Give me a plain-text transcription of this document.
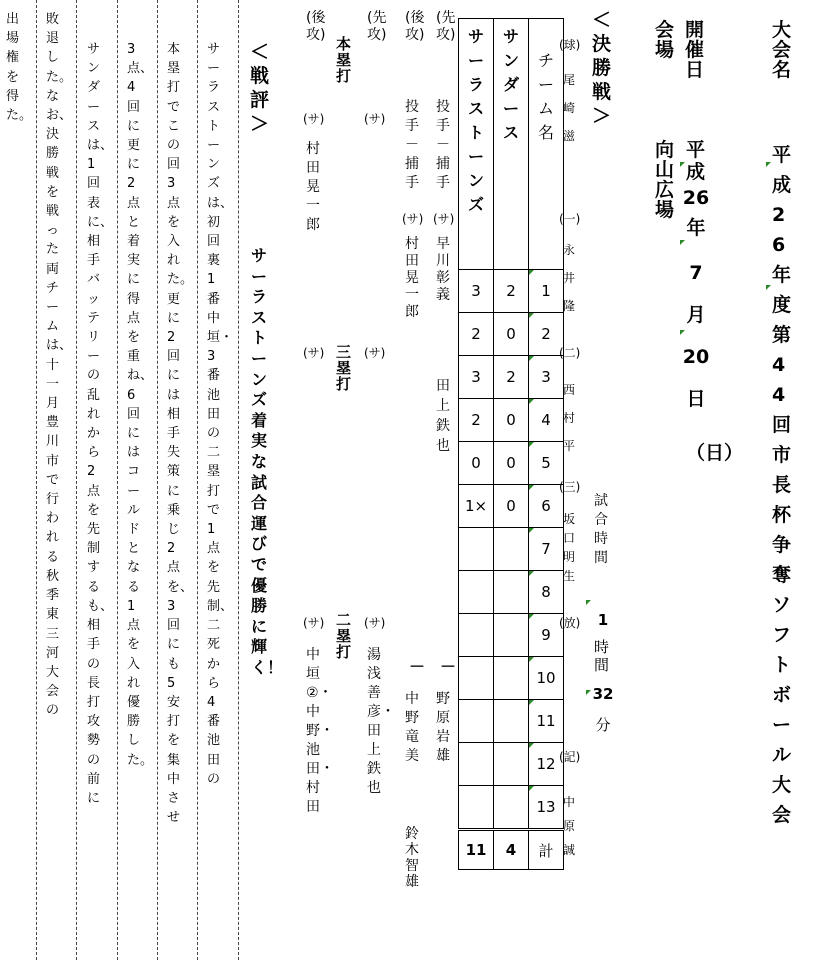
大会名
平成26年度第44回市長杯争奪ソフトボール大会
開催日
平成
26
年
7
月
20
日
（日）
会 場
向山広場
＜決勝戦＞
試合時間
1
時間
32
分
(球)
尾崎 滋
(一)
永井 隆
(二)
西村 平
(三)
坂口明生
(放)
(記)
中原 誠
サーラストーンズ	サンダース	チーム名

3	2	1

2	0	2

3	2	3

2	0	4

0	0	5

1×	0	6

		7

		8

		9

		10

		11

		12

		13

11	4	計
(先攻)
投手－捕手
(サ)
早川彰義
田上鉄也
－
野原岩雄
(後攻)
投手－捕手
(サ)
村田晃一郎
－
中野竜美
鈴木智雄
(先攻)
(サ)
本塁打
(後攻)
(サ)
村田晃一郎
(サ)
三塁打
(サ)
(サ)
湯浅善彦・田上鉄也
二塁打
(サ)
中垣②・中野・池田・村田
＜戦評＞
サーラストーンズ 着実な試合運びで優勝に輝く！
サーラストーンズは、初回裏 1番中垣・3番池田の二塁打で1点を先制、二死から4番池田の
本塁打でこの回3点を入れた。更に2回には相手失策に乗じ2点を、3回にも5安打を集中させ
3点、4回に更に2点と着実に得点を重ね、6回にはコールドとなる1点を入れ優勝した。
サンダースは、1回表に、相手バッテリーの乱れから2点を先制するも、相手の長打攻勢の前に
敗退した。なお、決勝戦を戦った両チームは、十一月豊川市で行われる秋季東三河大会の
出場権を得た。
